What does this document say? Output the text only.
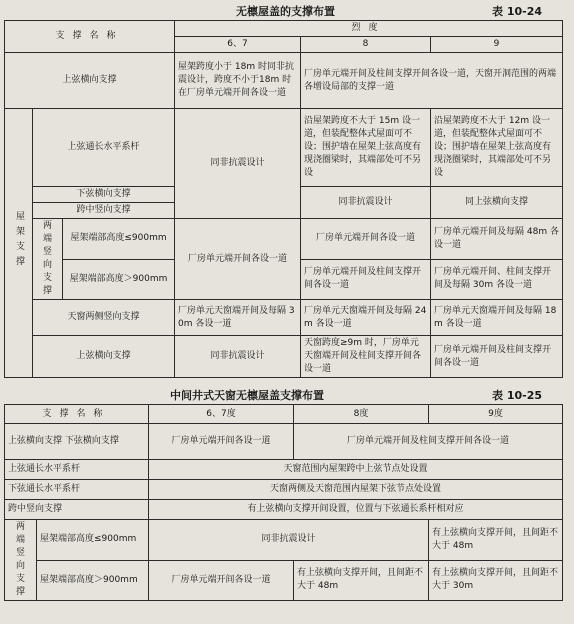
无檩屋盖的支撑布置	表 10-24
支撑名称			烈度		
			6、7	8	9
上弦横向支撑			屋架跨度小于 18m 时同非抗震设计，跨度不小于18m 时在厂房单元端开间各设一道	厂房单元端开间及柱间支撑开间各设一道，天窗开洞范围的两端各增设局部的支撑一道	
屋架支撑	上弦通长水平系杆		同非抗震设计	沿屋架跨度不大于 15m 设一道，但装配整体式屋面可不设；围护墙在屋架上弦高度有现浇圈梁时，其端部处可不另设	沿屋架跨度不大于 12m 设一道，但装配整体式屋面可不设；围护墙在屋架上弦高度有现浇圈梁时，其端部处可不另设
	下弦横向支撑			同非抗震设计	同上弦横向支撑
	跨中竖向支撑				
	两端竖向支撑	屋架端部高度≤900mm	厂房单元端开间各设一道	厂房单元端开间各设一道	厂房单元端开间及每隔 48m 各设一道
		屋架端部高度＞900mm		厂房单元端开间及柱间支撑开间各设一道	厂房单元端开间、柱间支撑开间及每隔 30m 各设一道
	天窗两侧竖向支撑		厂房单元天窗端开间及每隔 30m 各设一道	厂房单元天窗端开间及每隔 24m 各设一道	厂房单元天窗端开间及每隔 18m 各设一道
	上弦横向支撑		同非抗震设计	天窗跨度≥9m 时，厂房单元天窗端开间及柱间支撑开间各设一道	厂房单元端开间及柱间支撑开间各设一道
中间井式天窗无檩屋盖支撑布置	表 10-25
支撑名称		6、7度	8度	9度
上弦横向支撑 下弦横向支撑		厂房单元端开间各设一道	厂房单元端开间及柱间支撑开间各设一道	
上弦通长水平系杆		天窗范围内屋架跨中上弦节点处设置		
下弦通长水平系杆		天窗两侧及天窗范围内屋架下弦节点处设置		
跨中竖向支撑		有上弦横向支撑开间设置，位置与下弦通长系杆相对应		
两端竖向支撑	屋架端部高度≤900mm	同非抗震设计		有上弦横向支撑开间，且间距不大于 48m
	屋架端部高度＞900mm	厂房单元端开间各设一道	有上弦横向支撑开间，且间距不大于 48m	有上弦横向支撑开间，且间距不大于 30m
